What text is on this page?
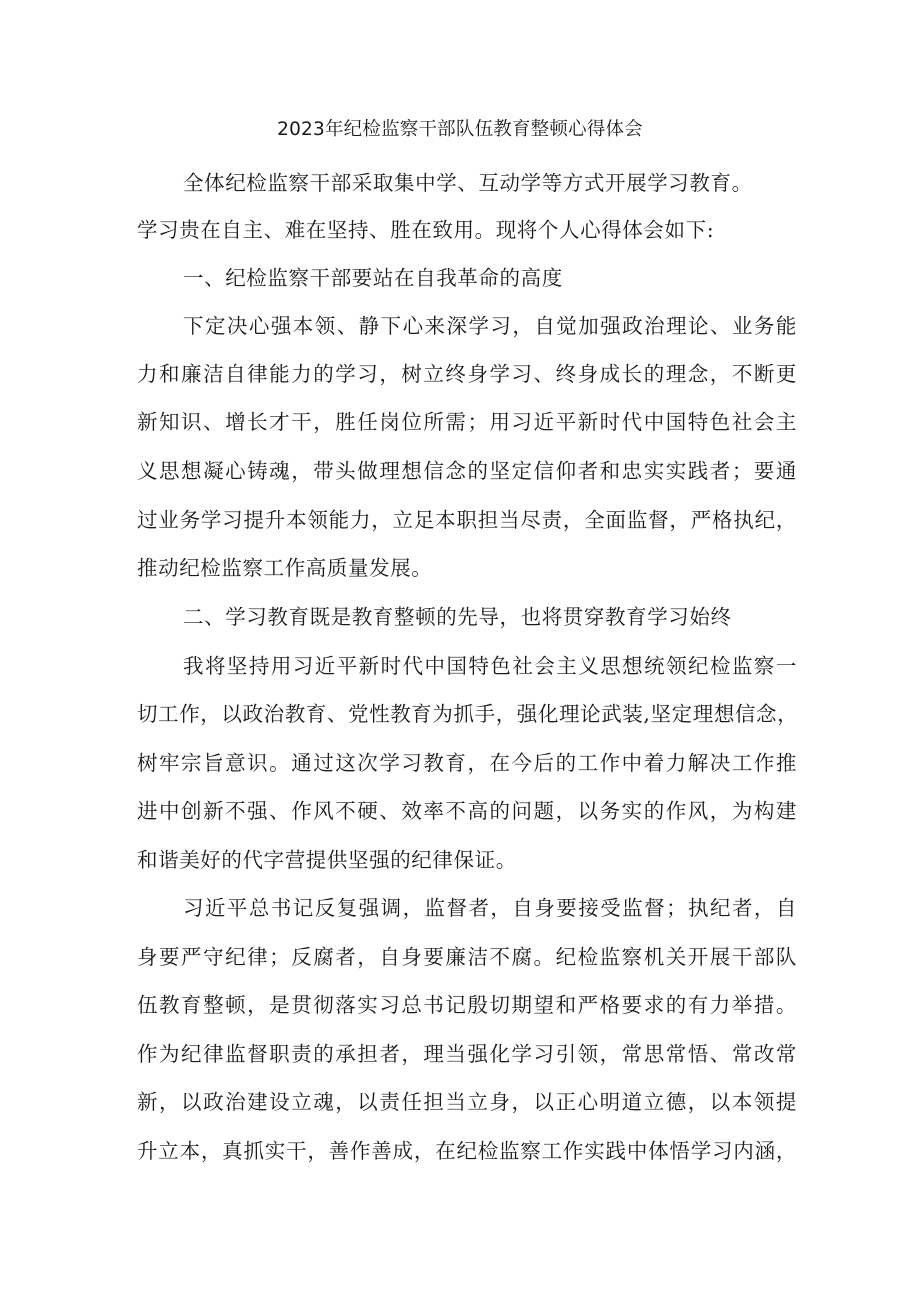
2023年纪检监察干部队伍教育整顿心得体会
全体纪检监察干部采取集中学、互动学等方式开展学习教育。
学习贵在自主、难在坚持、胜在致用。现将个人心得体会如下:
一、纪检监察干部要站在自我革命的高度
下定决心强本领、静下心来深学习，自觉加强政治理论、业务能
力和廉洁自律能力的学习，树立终身学习、终身成长的理念，不断更
新知识、增长才干，胜任岗位所需；用习近平新时代中国特色社会主
义思想凝心铸魂，带头做理想信念的坚定信仰者和忠实实践者；要通
过业务学习提升本领能力，立足本职担当尽责，全面监督，严格执纪，
推动纪检监察工作高质量发展。
二、学习教育既是教育整顿的先导，也将贯穿教育学习始终
我将坚持用习近平新时代中国特色社会主义思想统领纪检监察一
切工作，以政治教育、党性教育为抓手，强化理论武装,坚定理想信念，
树牢宗旨意识。通过这次学习教育，在今后的工作中着力解决工作推
进中创新不强、作风不硬、效率不高的问题，以务实的作风，为构建
和谐美好的代字营提供坚强的纪律保证。
习近平总书记反复强调，监督者，自身要接受监督；执纪者，自
身要严守纪律；反腐者，自身要廉洁不腐。纪检监察机关开展干部队
伍教育整顿，是贯彻落实习总书记殷切期望和严格要求的有力举措。
作为纪律监督职责的承担者，理当强化学习引领，常思常悟、常改常
新，以政治建设立魂，以责任担当立身，以正心明道立德，以本领提
升立本，真抓实干，善作善成，在纪检监察工作实践中体悟学习内涵，
